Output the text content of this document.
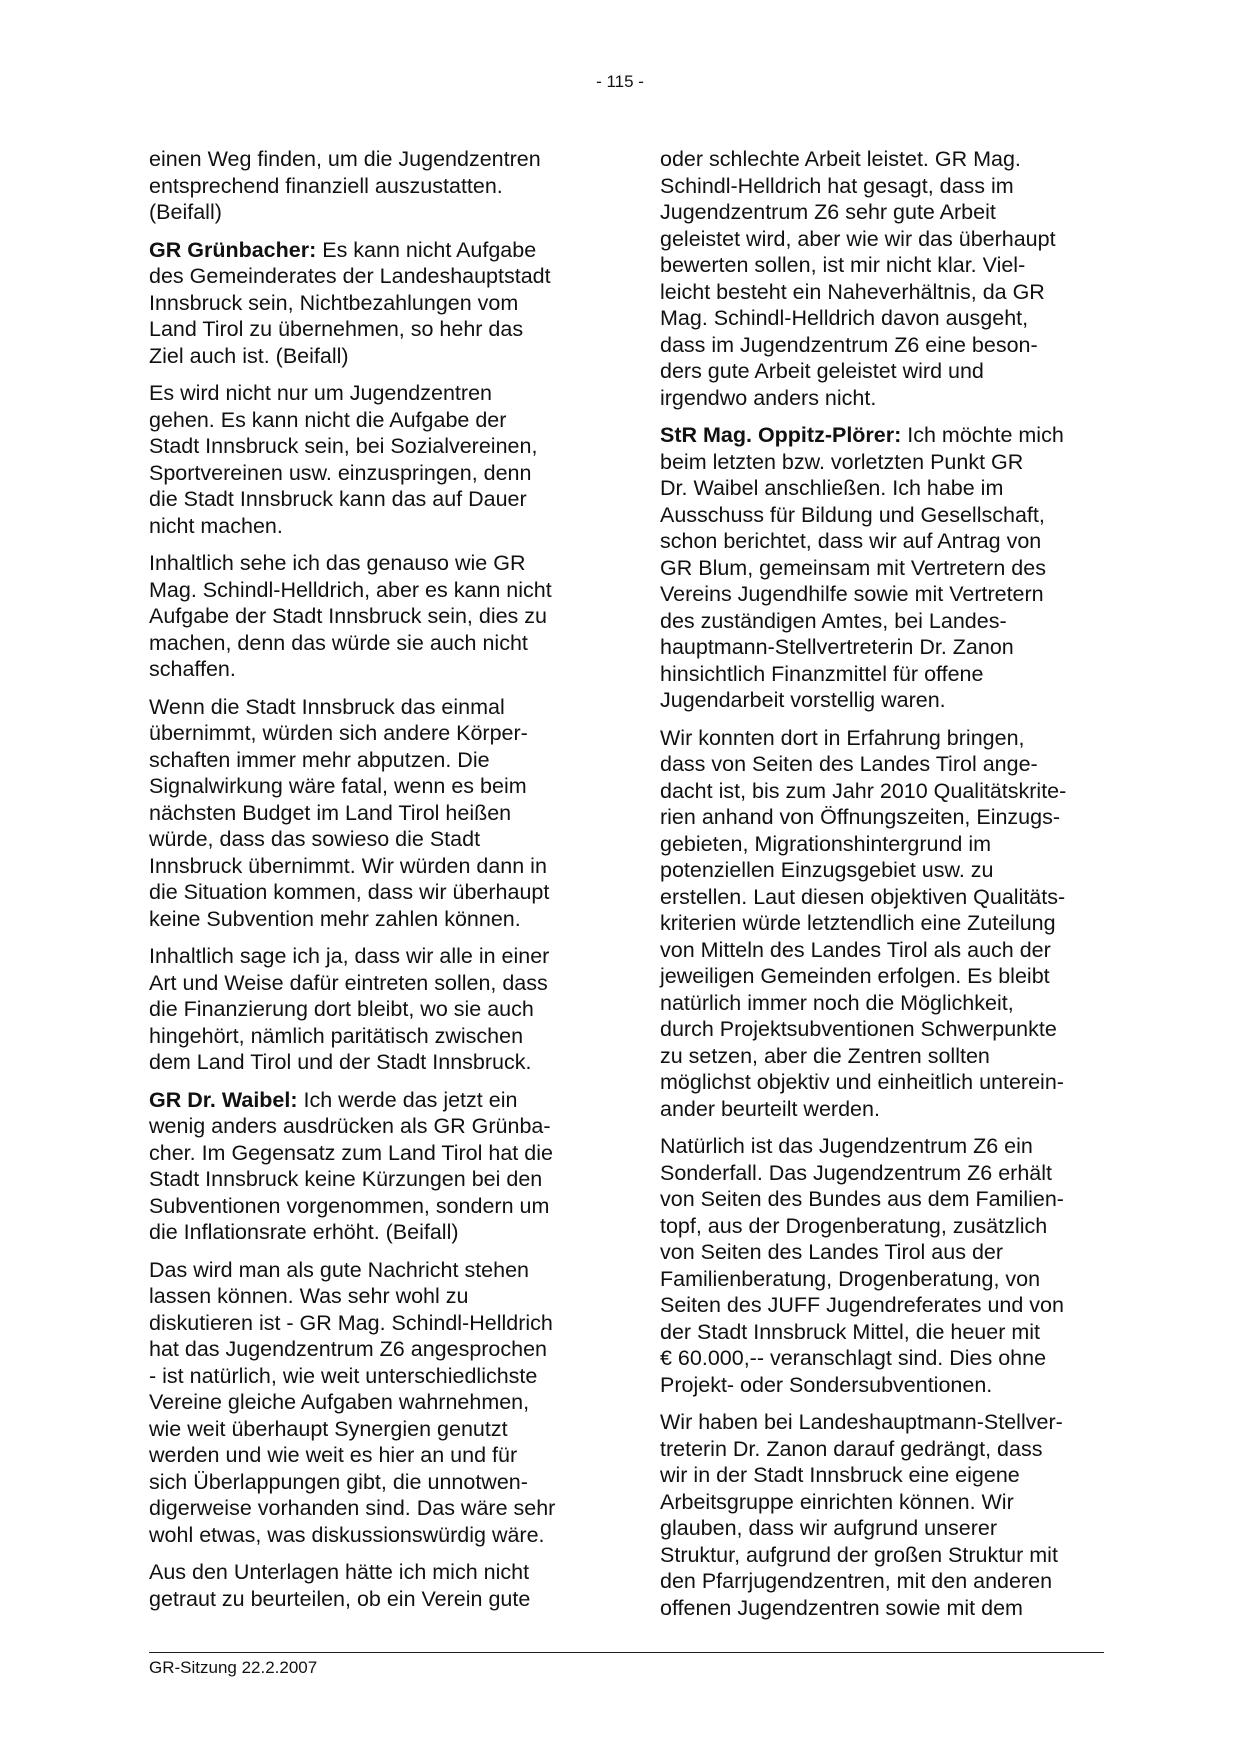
- 115 -

einen Weg finden, um die Jugendzentren
entsprechend finanziell auszustatten.
(Beifall)

GR Grünbacher: Es kann nicht Aufgabe
des Gemeinderates der Landeshauptstadt
Innsbruck sein, Nichtbezahlungen vom
Land Tirol zu übernehmen, so hehr das
Ziel auch ist. (Beifall)

Es wird nicht nur um Jugendzentren
gehen. Es kann nicht die Aufgabe der
Stadt Innsbruck sein, bei Sozialvereinen,
Sportvereinen usw. einzuspringen, denn
die Stadt Innsbruck kann das auf Dauer
nicht machen.

Inhaltlich sehe ich das genauso wie GR
Mag. Schindl-Helldrich, aber es kann nicht
Aufgabe der Stadt Innsbruck sein, dies zu
machen, denn das würde sie auch nicht
schaffen.

Wenn die Stadt Innsbruck das einmal
übernimmt, würden sich andere Körper-
schaften immer mehr abputzen. Die
Signalwirkung wäre fatal, wenn es beim
nächsten Budget im Land Tirol heißen
würde, dass das sowieso die Stadt
Innsbruck übernimmt. Wir würden dann in
die Situation kommen, dass wir überhaupt
keine Subvention mehr zahlen können.

Inhaltlich sage ich ja, dass wir alle in einer
Art und Weise dafür eintreten sollen, dass
die Finanzierung dort bleibt, wo sie auch
hingehört, nämlich paritätisch zwischen
dem Land Tirol und der Stadt Innsbruck.

GR Dr. Waibel: Ich werde das jetzt ein
wenig anders ausdrücken als GR Grünba-
cher. Im Gegensatz zum Land Tirol hat die
Stadt Innsbruck keine Kürzungen bei den
Subventionen vorgenommen, sondern um
die Inflationsrate erhöht. (Beifall)

Das wird man als gute Nachricht stehen
lassen können. Was sehr wohl zu
diskutieren ist - GR Mag. Schindl-Helldrich
hat das Jugendzentrum Z6 angesprochen
- ist natürlich, wie weit unterschiedlichste
Vereine gleiche Aufgaben wahrnehmen,
wie weit überhaupt Synergien genutzt
werden und wie weit es hier an und für
sich Überlappungen gibt, die unnotwen-
digerweise vorhanden sind. Das wäre sehr
wohl etwas, was diskussionswürdig wäre.

Aus den Unterlagen hätte ich mich nicht
getraut zu beurteilen, ob ein Verein gute

oder schlechte Arbeit leistet. GR Mag.
Schindl-Helldrich hat gesagt, dass im
Jugendzentrum Z6 sehr gute Arbeit
geleistet wird, aber wie wir das überhaupt
bewerten sollen, ist mir nicht klar. Viel-
leicht besteht ein Naheverhältnis, da GR
Mag. Schindl-Helldrich davon ausgeht,
dass im Jugendzentrum Z6 eine beson-
ders gute Arbeit geleistet wird und
irgendwo anders nicht.

StR Mag. Oppitz-Plörer: Ich möchte mich
beim letzten bzw. vorletzten Punkt GR
Dr. Waibel anschließen. Ich habe im
Ausschuss für Bildung und Gesellschaft,
schon berichtet, dass wir auf Antrag von
GR Blum, gemeinsam mit Vertretern des
Vereins Jugendhilfe sowie mit Vertretern
des zuständigen Amtes, bei Landes-
hauptmann-Stellvertreterin Dr. Zanon
hinsichtlich Finanzmittel für offene
Jugendarbeit vorstellig waren.

Wir konnten dort in Erfahrung bringen,
dass von Seiten des Landes Tirol ange-
dacht ist, bis zum Jahr 2010 Qualitätskrite-
rien anhand von Öffnungszeiten, Einzugs-
gebieten, Migrationshintergrund im
potenziellen Einzugsgebiet usw. zu
erstellen. Laut diesen objektiven Qualitäts-
kriterien würde letztendlich eine Zuteilung
von Mitteln des Landes Tirol als auch der
jeweiligen Gemeinden erfolgen. Es bleibt
natürlich immer noch die Möglichkeit,
durch Projektsubventionen Schwerpunkte
zu setzen, aber die Zentren sollten
möglichst objektiv und einheitlich unterein-
ander beurteilt werden.

Natürlich ist das Jugendzentrum Z6 ein
Sonderfall. Das Jugendzentrum Z6 erhält
von Seiten des Bundes aus dem Familien-
topf, aus der Drogenberatung, zusätzlich
von Seiten des Landes Tirol aus der
Familienberatung, Drogenberatung, von
Seiten des JUFF Jugendreferates und von
der Stadt Innsbruck Mittel, die heuer mit
€ 60.000,-- veranschlagt sind. Dies ohne
Projekt- oder Sondersubventionen.

Wir haben bei Landeshauptmann-Stellver-
treterin Dr. Zanon darauf gedrängt, dass
wir in der Stadt Innsbruck eine eigene
Arbeitsgruppe einrichten können. Wir
glauben, dass wir aufgrund unserer
Struktur, aufgrund der großen Struktur mit
den Pfarrjugendzentren, mit den anderen
offenen Jugendzentren sowie mit dem

GR-Sitzung 22.2.2007
